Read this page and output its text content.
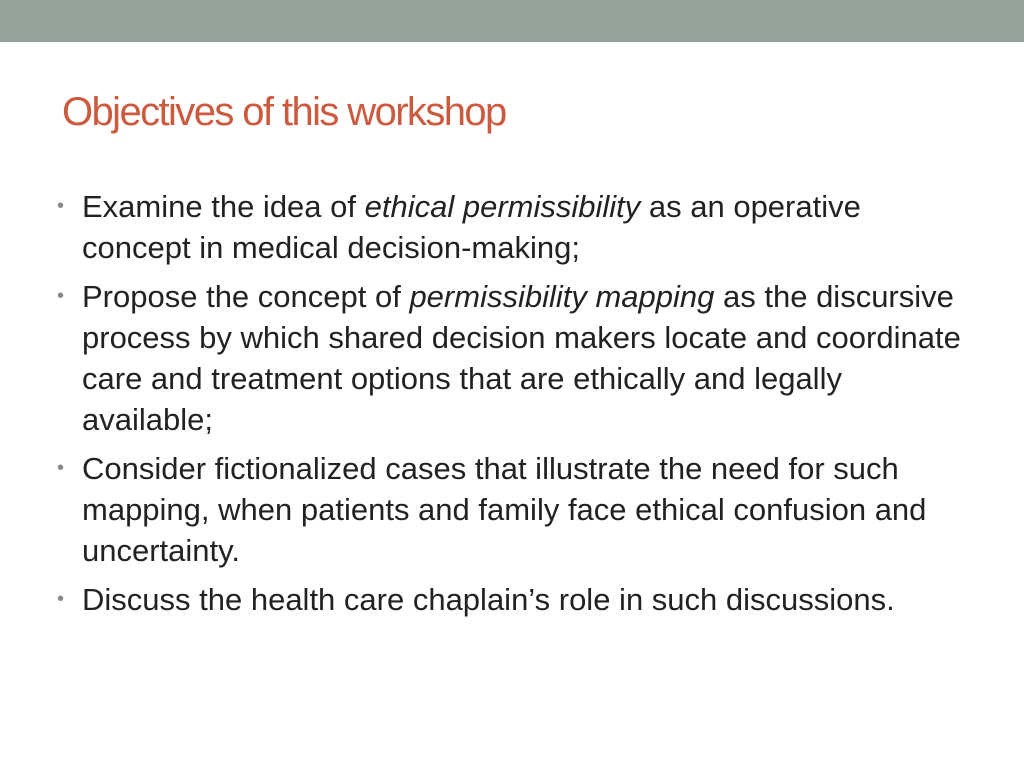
Objectives of this workshop
• Examine the idea of ethical permissibility as an operative concept in medical decision-making;
• Propose the concept of permissibility mapping as the discursive process by which shared decision makers locate and coordinate care and treatment options that are ethically and legally available;
• Consider fictionalized cases that illustrate the need for such mapping, when patients and family face ethical confusion and uncertainty.
• Discuss the health care chaplain’s role in such discussions.
